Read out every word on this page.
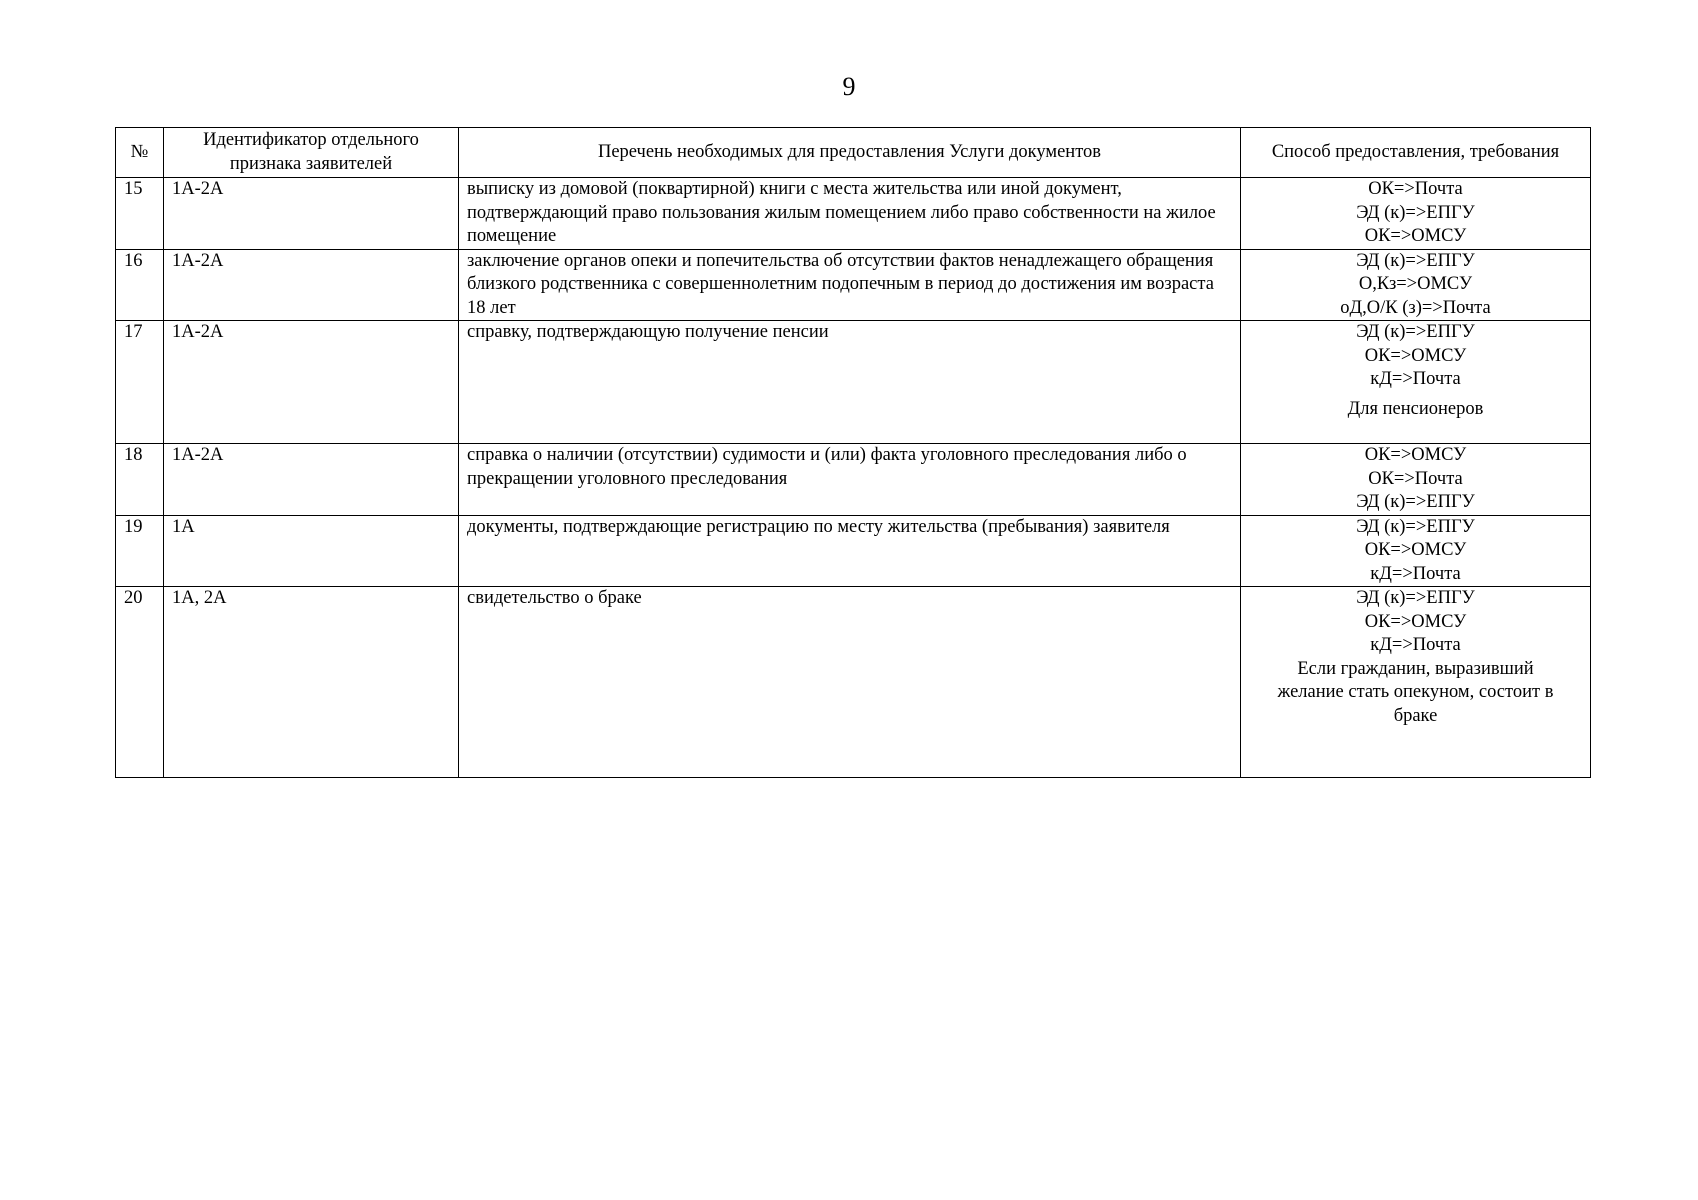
9
№	Идентификатор отдельного признака заявителей	Перечень необходимых для предоставления Услуги документов	Способ предоставления, требования
15	1А-2А	выписку из домовой (поквартирной) книги с места жительства или иной документ, подтверждающий право пользования жилым помещением либо право собственности на жилое помещение	ОК=>Почта
ЭД (к)=>ЕПГУ
ОК=>ОМСУ

16	1А-2А	заключение органов опеки и попечительства об отсутствии фактов ненадлежащего обращения близкого родственника с совершеннолетним подопечным в период до достижения им возраста 18 лет	ЭД (к)=>ЕПГУ
О,Кз=>ОМСУ
оД,О/К (з)=>Почта

17	1А-2А	справку, подтверждающую получение пенсии	ЭД (к)=>ЕПГУ
ОК=>ОМСУ
кД=>Почта
Для пенсионеров

18	1А-2А	справка о наличии (отсутствии) судимости и (или) факта уголовного преследования либо о прекращении уголовного преследования	ОК=>ОМСУ
ОК=>Почта
ЭД (к)=>ЕПГУ

19	1А	документы, подтверждающие регистрацию по месту жительства (пребывания) заявителя	ЭД (к)=>ЕПГУ
ОК=>ОМСУ
кД=>Почта

20	1А, 2А	свидетельство о браке	ЭД (к)=>ЕПГУ
ОК=>ОМСУ
кД=>Почта
Если гражданин, выразивший желание стать опекуном, состоит в браке
